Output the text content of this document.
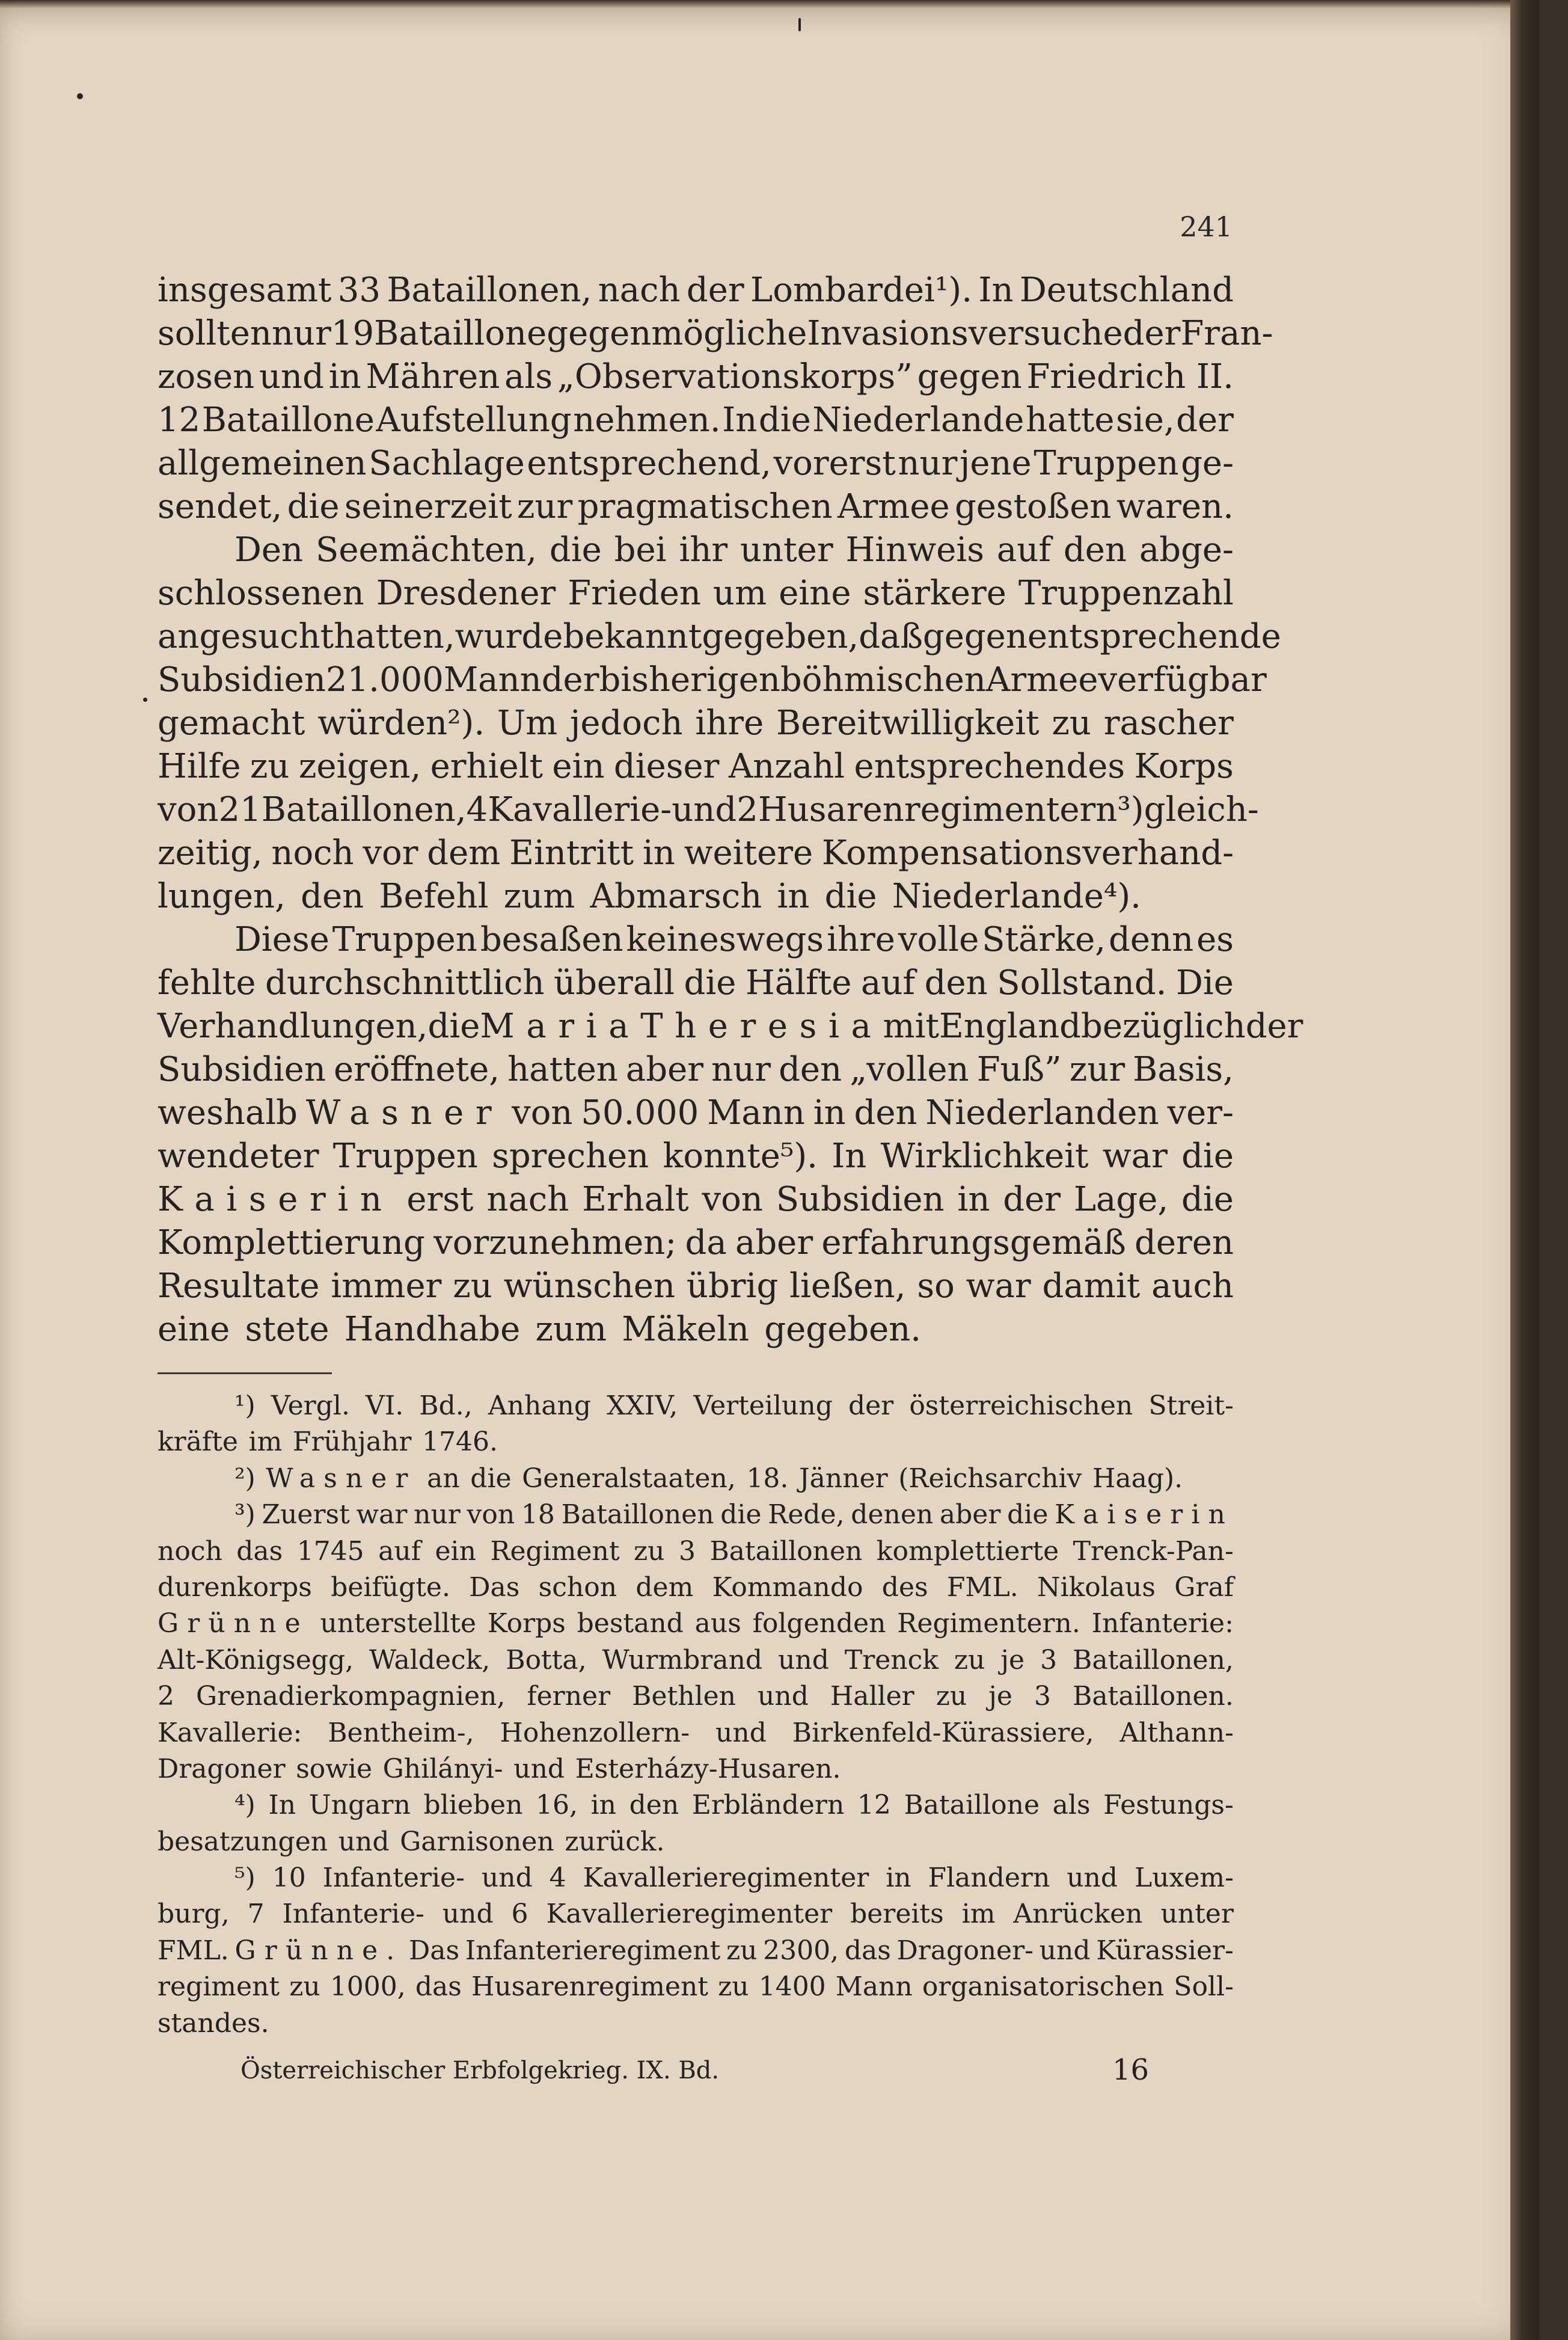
241
insgesamt 33 Bataillonen, nach der Lombardei¹). In Deutschland
sollten nur 19 Bataillone gegen mögliche Invasionsversuche der Fran-
zosen und in Mähren als „Observationskorps” gegen Friedrich II.
12 Bataillone Aufstellung nehmen. In die Niederlande hatte sie, der
allgemeinen Sachlage entsprechend, vorerst nur jene Truppen ge-
sendet, die seinerzeit zur pragmatischen Armee gestoßen waren.
Den Seemächten, die bei ihr unter Hinweis auf den abge-
schlossenen Dresdener Frieden um eine stärkere Truppenzahl
angesucht hatten, wurde bekanntgegeben, daß gegen entsprechende
Subsidien 21.000 Mann der bisherigen böhmischen Armee verfügbar
gemacht würden²). Um jedoch ihre Bereitwilligkeit zu rascher
Hilfe zu zeigen, erhielt ein dieser Anzahl entsprechendes Korps
von 21 Bataillonen, 4 Kavallerie- und 2 Husarenregimentern³) gleich-
zeitig, noch vor dem Eintritt in weitere Kompensationsverhand-
lungen, den Befehl zum Abmarsch in die Niederlande⁴).
Diese Truppen besaßen keineswegs ihre volle Stärke, denn es
fehlte durchschnittlich überall die Hälfte auf den Sollstand. Die
Verhandlungen, die Maria Theresia mit England bezüglich der
Subsidien eröffnete, hatten aber nur den „vollen Fuß” zur Basis,
weshalb Wasner von 50.000 Mann in den Niederlanden ver-
wendeter Truppen sprechen konnte⁵). In Wirklichkeit war die
Kaiserin erst nach Erhalt von Subsidien in der Lage, die
Komplettierung vorzunehmen; da aber erfahrungsgemäß deren
Resultate immer zu wünschen übrig ließen, so war damit auch
eine stete Handhabe zum Mäkeln gegeben.
¹) Vergl. VI. Bd., Anhang XXIV, Verteilung der österreichischen Streit-
kräfte im Frühjahr 1746.
²) Wasner an die Generalstaaten, 18. Jänner (Reichsarchiv Haag).
³) Zuerst war nur von 18 Bataillonen die Rede, denen aber die Kaiserin
noch das 1745 auf ein Regiment zu 3 Bataillonen komplettierte Trenck-Pan-
durenkorps beifügte. Das schon dem Kommando des FML. Nikolaus Graf
Grünne unterstellte Korps bestand aus folgenden Regimentern. Infanterie:
Alt-Königsegg, Waldeck, Botta, Wurmbrand und Trenck zu je 3 Bataillonen,
2 Grenadierkompagnien, ferner Bethlen und Haller zu je 3 Bataillonen.
Kavallerie: Bentheim-, Hohenzollern- und Birkenfeld-Kürassiere, Althann-
Dragoner sowie Ghilányi- und Esterházy-Husaren.
⁴) In Ungarn blieben 16, in den Erbländern 12 Bataillone als Festungs-
besatzungen und Garnisonen zurück.
⁵) 10 Infanterie- und 4 Kavallerieregimenter in Flandern und Luxem-
burg, 7 Infanterie- und 6 Kavallerieregimenter bereits im Anrücken unter
FML. Grünne. Das Infanterieregiment zu 2300, das Dragoner- und Kürassier-
regiment zu 1000, das Husarenregiment zu 1400 Mann organisatorischen Soll-
standes.
Österreichischer Erbfolgekrieg. IX. Bd.	16
